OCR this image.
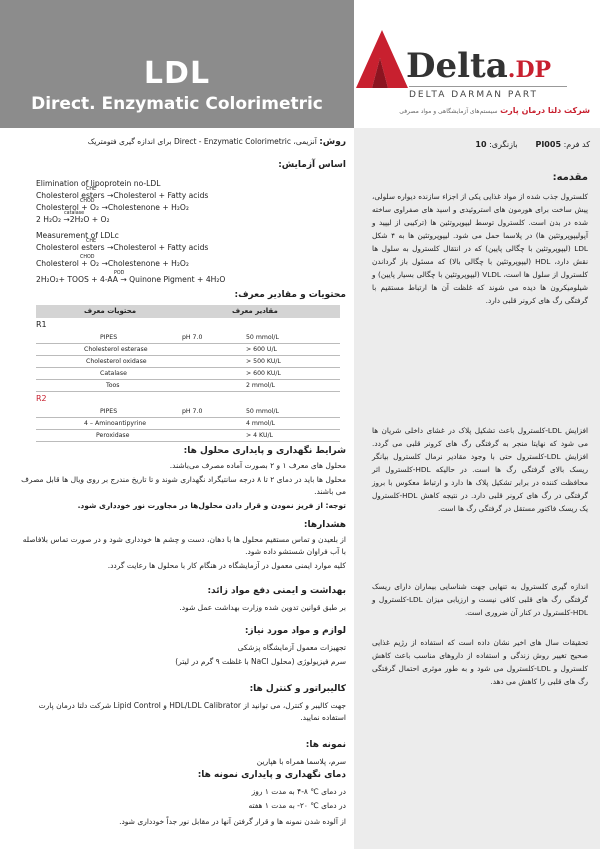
LDL
Direct. Enzymatic Colorimetric
Delta.DP
DELTA DARMAN PART
شرکت دلتا درمان پارت سیستم‌های آزمایشگاهی و مواد مصرفی
کد فرم: PI005       بازنگری: 10
مقدمه:
کلسترول جذب شده از مواد غذایی یکی از اجزاء سازنده دیواره سلولی، پیش ساخت برای هورمون های استروئیدی و اسید های صفراوی ساخته شده در بدن است. کلسترول توسط لیپوپروتئین ها (ترکیبی از لیپید و آپولیپوپروتئین ها) در پلاسما حمل می شود. لیپوپروتئین ها به ۴ شکل LDL (لیپوپروتئین با چگالی پایین) که در انتقال کلسترول به سلول ها نقش دارد، HDL (لیپوپروتئین با چگالی بالا) که مسئول باز گرداندن کلسترول از سلول ها است، VLDL (لیپوپروتئین با چگالی بسیار پایین) و شیلومیکرون ها دیده می شوند که غلظت آن ها ارتباط مستقیم با گرفتگی رگ های کرونر قلبی دارد.
افزایش LDL-کلسترول باعث تشکیل پلاک در غشای داخلی شریان ها می شود که نهایتا منجر به گرفتگی رگ های کرونر قلبی می گردد. افزایش LDL-کلسترول حتی با وجود مقادیر نرمال کلسترول بیانگر ریسک بالای گرفتگی رگ ها است. در حالیکه HDL-کلسترول اثر محافظت کننده در برابر تشکیل پلاک ها دارد و ارتباط معکوس با بروز گرفتگی در رگ های کرونر قلبی دارد. در نتیجه کاهش HDL-کلسترول یک ریسک فاکتور مستقل در گرفتگی رگ ها است.
اندازه گیری کلسترول به تنهایی جهت شناسایی بیماران دارای ریسک گرفتگی رگ های قلبی کافی نیست و ارزیابی میزان LDL-کلسترول و HDL-کلسترول در کنار آن ضروری است.
تحقیقات سال های اخیر نشان داده است که استفاده از رژیم غذایی صحیح تغییر روش زندگی و استفاده از داروهای مناسب باعث کاهش کلسترول و LDL-کلسترول می شود و به طور موثری احتمال گرفتگی رگ های قلبی را کاهش می دهد.
روش: آنزیمی، Direct - Enzymatic Colorimetric برای اندازه گیری فتومتریک
اساس آزمایش:
Elimination of lipoprotein no-LDL
Cholesterol esters →Cholesterol + Fatty acids
Cholesterol + O₂ →Cholestenone + H₂O₂
2 H₂O₂ →2H₂O + O₂
Measurement of LDLc
Cholesterol esters →Cholesterol + Fatty acids
Cholesterol + O₂ →Cholestenone + H₂O₂
2H₂O₂+ TOOS + 4-AA → Quinone Pigment + 4H₂O
CHE
CHOD
catalase
CHE
CHOD
POD
محتویات و مقادیر معرف:
مقادیر معرف
محتویات معرف
R1
PIPES	pH 7.0	50 mmol/L
Cholesterol esterase	> 600 U/L
Cholesterol oxidase	> 500 KU/L
Catalase	> 600 KU/L
Toos	2 mmol/L
R2
PIPES	pH 7.0	50 mmol/L
4 – Aminoantipyrine	4 mmol/L
Peroxidase	> 4 KU/L
شرایط نگهداری و پایداری محلول ها:
محلول های معرف ۱ و ۲ بصورت آماده مصرف می‌باشند.
محلول ها باید در دمای ۲ تا ۸ درجه سانتیگراد نگهداری شوند و تا تاریخ مندرج بر روی ویال ها قابل مصرف می باشند.
توجه: از فریز نمودن و قرار دادن محلول‌ها در مجاورت نور خودداری شود.
هشدارها:
از بلعیدن و تماس مستقیم محلول ها با دهان، دست و چشم ها خودداری شود و در صورت تماس بلافاصله با آب فراوان شستشو داده شود.
کلیه موارد ایمنی معمول در آزمایشگاه در هنگام کار با محلول ها رعایت گردد.
بهداشت و ایمنی دفع مواد زائد:
بر طبق قوانین تدوین شده وزارت بهداشت عمل شود.
لوازم و مواد مورد نیاز:
تجهیزات معمول آزمایشگاه پزشکی
سرم فیزیولوژی (محلول NaCl با غلظت ۹ گرم در لیتر)
کالیبراتور و کنترل ها:
جهت کالیبر و کنترل، می توانید از HDL/LDL Calibrator و Lipid Control شرکت دلتا درمان پارت استفاده نمایید.
نمونه ها:
سرم، پلاسما همراه با هپارین
دمای نگهداری و پایداری نمونه ها:
در دمای ℃ ۸-۴ به مدت ۱ روز
در دمای ℃ ۲۰- به مدت ۱ هفته
از آلوده شدن نمونه ها و قرار گرفتن آنها در مقابل نور جداً خودداری شود.
